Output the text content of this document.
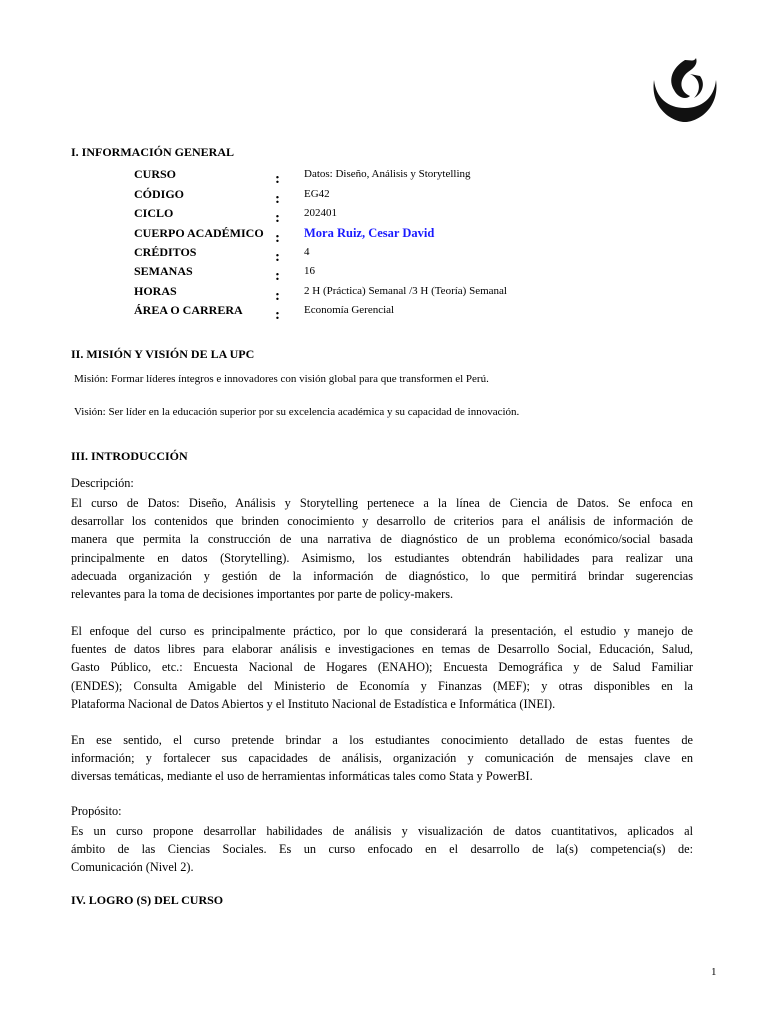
I. INFORMACIÓN GENERAL
CURSO	: Datos: Diseño, Análisis y Storytelling
CÓDIGO	: EG42
CICLO	: 202401
CUERPO ACADÉMICO : Mora Ruiz, Cesar David
CRÉDITOS	: 4
SEMANAS	: 16
HORAS	: 2 H (Práctica) Semanal /3 H (Teoría) Semanal
ÁREA O CARRERA : Economía Gerencial
II. MISIÓN Y VISIÓN DE LA UPC
Misión: Formar líderes íntegros e innovadores con visión global para que transformen el Perú.
Visión: Ser líder en la educación superior por su excelencia académica y su capacidad de innovación.
III. INTRODUCCIÓN
Descripción:
El curso de Datos: Diseño, Análisis y Storytelling pertenece a la línea de Ciencia de Datos. Se enfoca en
desarrollar los contenidos que brinden conocimiento y desarrollo de criterios para el análisis de información de
manera que permita la construcción de una narrativa de diagnóstico de un problema económico/social basada
principalmente en datos (Storytelling). Asimismo, los estudiantes obtendrán habilidades para realizar una
adecuada organización y gestión de la información de diagnóstico, lo que permitirá brindar sugerencias
relevantes para la toma de decisiones importantes por parte de policy-makers.
El enfoque del curso es principalmente práctico, por lo que considerará la presentación, el estudio y manejo de
fuentes de datos libres para elaborar análisis e investigaciones en temas de Desarrollo Social, Educación, Salud,
Gasto Público, etc.: Encuesta Nacional de Hogares (ENAHO); Encuesta Demográfica y de Salud Familiar
(ENDES); Consulta Amigable del Ministerio de Economía y Finanzas (MEF); y otras disponibles en la
Plataforma Nacional de Datos Abiertos y el Instituto Nacional de Estadística e Informática (INEI).
En ese sentido, el curso pretende brindar a los estudiantes conocimiento detallado de estas fuentes de
información; y fortalecer sus capacidades de análisis, organización y comunicación de mensajes clave en
diversas temáticas, mediante el uso de herramientas informáticas tales como Stata y PowerBI.
Propósito:
Es un curso propone desarrollar habilidades de análisis y visualización de datos cuantitativos, aplicados al
ámbito de las Ciencias Sociales. Es un curso enfocado en el desarrollo de la(s) competencia(s) de:
Comunicación (Nivel 2).
IV. LOGRO (S) DEL CURSO
1
